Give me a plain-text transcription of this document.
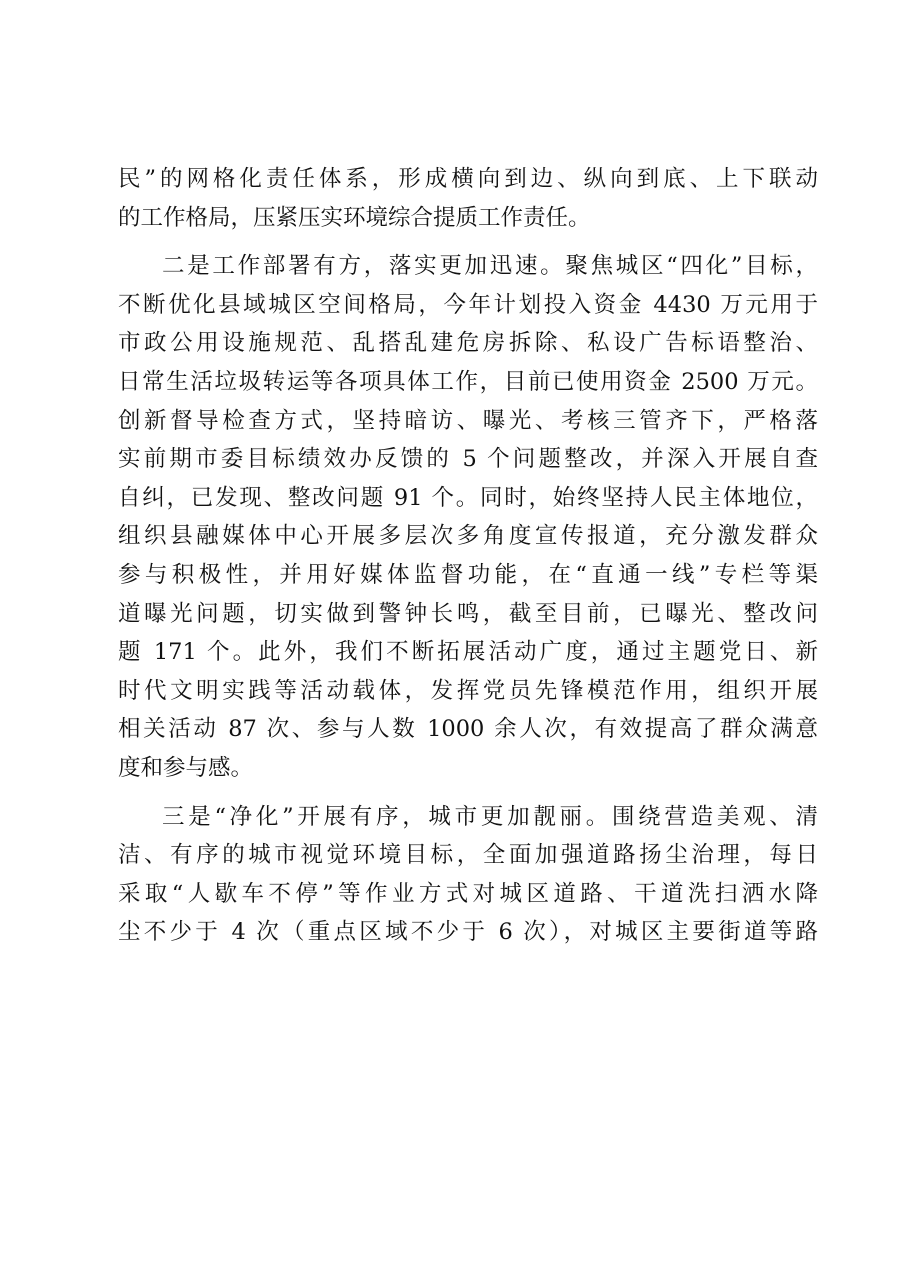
民”的网格化责任体系，形成横向到边、纵向到底、上下联动
的工作格局，压紧压实环境综合提质工作责任。
二是工作部署有方，落实更加迅速。聚焦城区“四化”目标，
不断优化县域城区空间格局，今年计划投入资金 4430 万元用于
市政公用设施规范、乱搭乱建危房拆除、私设广告标语整治、
日常生活垃圾转运等各项具体工作，目前已使用资金 2500 万元。
创新督导检查方式，坚持暗访、曝光、考核三管齐下，严格落
实前期市委目标绩效办反馈的 5 个问题整改，并深入开展自查
自纠，已发现、整改问题 91 个。同时，始终坚持人民主体地位，
组织县融媒体中心开展多层次多角度宣传报道，充分激发群众
参与积极性，并用好媒体监督功能，在“直通一线”专栏等渠
道曝光问题，切实做到警钟长鸣，截至目前，已曝光、整改问
题 171 个。此外，我们不断拓展活动广度，通过主题党日、新
时代文明实践等活动载体，发挥党员先锋模范作用，组织开展
相关活动 87 次、参与人数 1000 余人次，有效提高了群众满意
度和参与感。
三是“净化”开展有序，城市更加靓丽。围绕营造美观、清
洁、有序的城市视觉环境目标，全面加强道路扬尘治理，每日
采取“人歇车不停”等作业方式对城区道路、干道洗扫洒水降
尘不少于 4 次（重点区域不少于 6 次），对城区主要街道等路
